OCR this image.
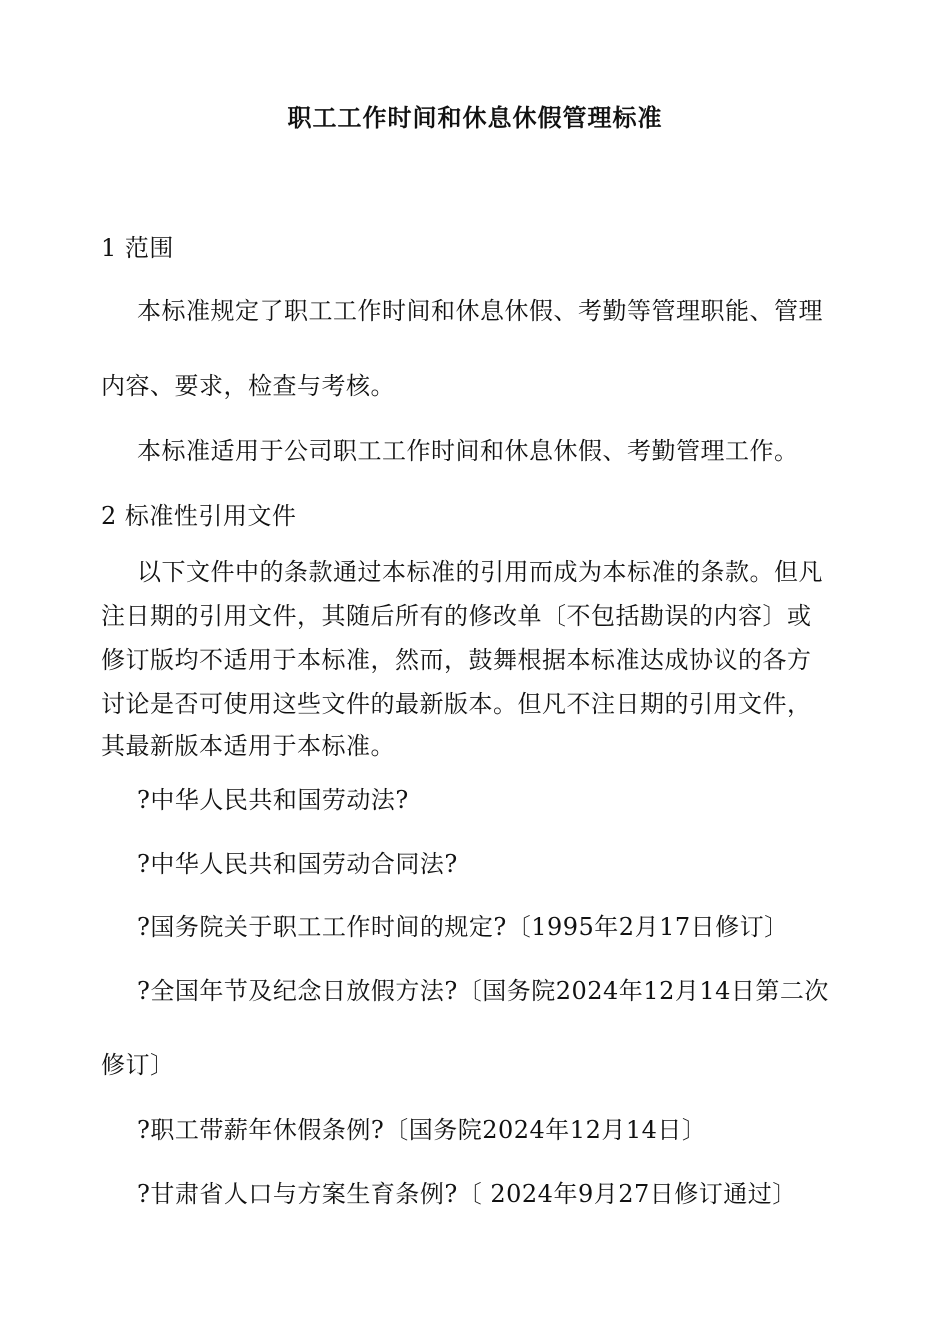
职工工作时间和休息休假管理标准
1 范围
本标准规定了职工工作时间和休息休假、考勤等管理职能、管理
内容、要求，检查与考核。
本标准适用于公司职工工作时间和休息休假、考勤管理工作。
2 标准性引用文件
以下文件中的条款通过本标准的引用而成为本标准的条款。但凡
注日期的引用文件，其随后所有的修改单〔不包括勘误的内容〕或
修订版均不适用于本标准，然而，鼓舞根据本标准达成协议的各方
讨论是否可使用这些文件的最新版本。但凡不注日期的引用文件，
其最新版本适用于本标准。
?中华人民共和国劳动法?
?中华人民共和国劳动合同法?
?国务院关于职工工作时间的规定?〔1995年2月17日修订〕
?全国年节及纪念日放假方法?〔国务院2024年12月14日第二次
修订〕
?职工带薪年休假条例?〔国务院2024年12月14日〕
?甘肃省人口与方案生育条例?〔 2024年9月27日修订通过〕
